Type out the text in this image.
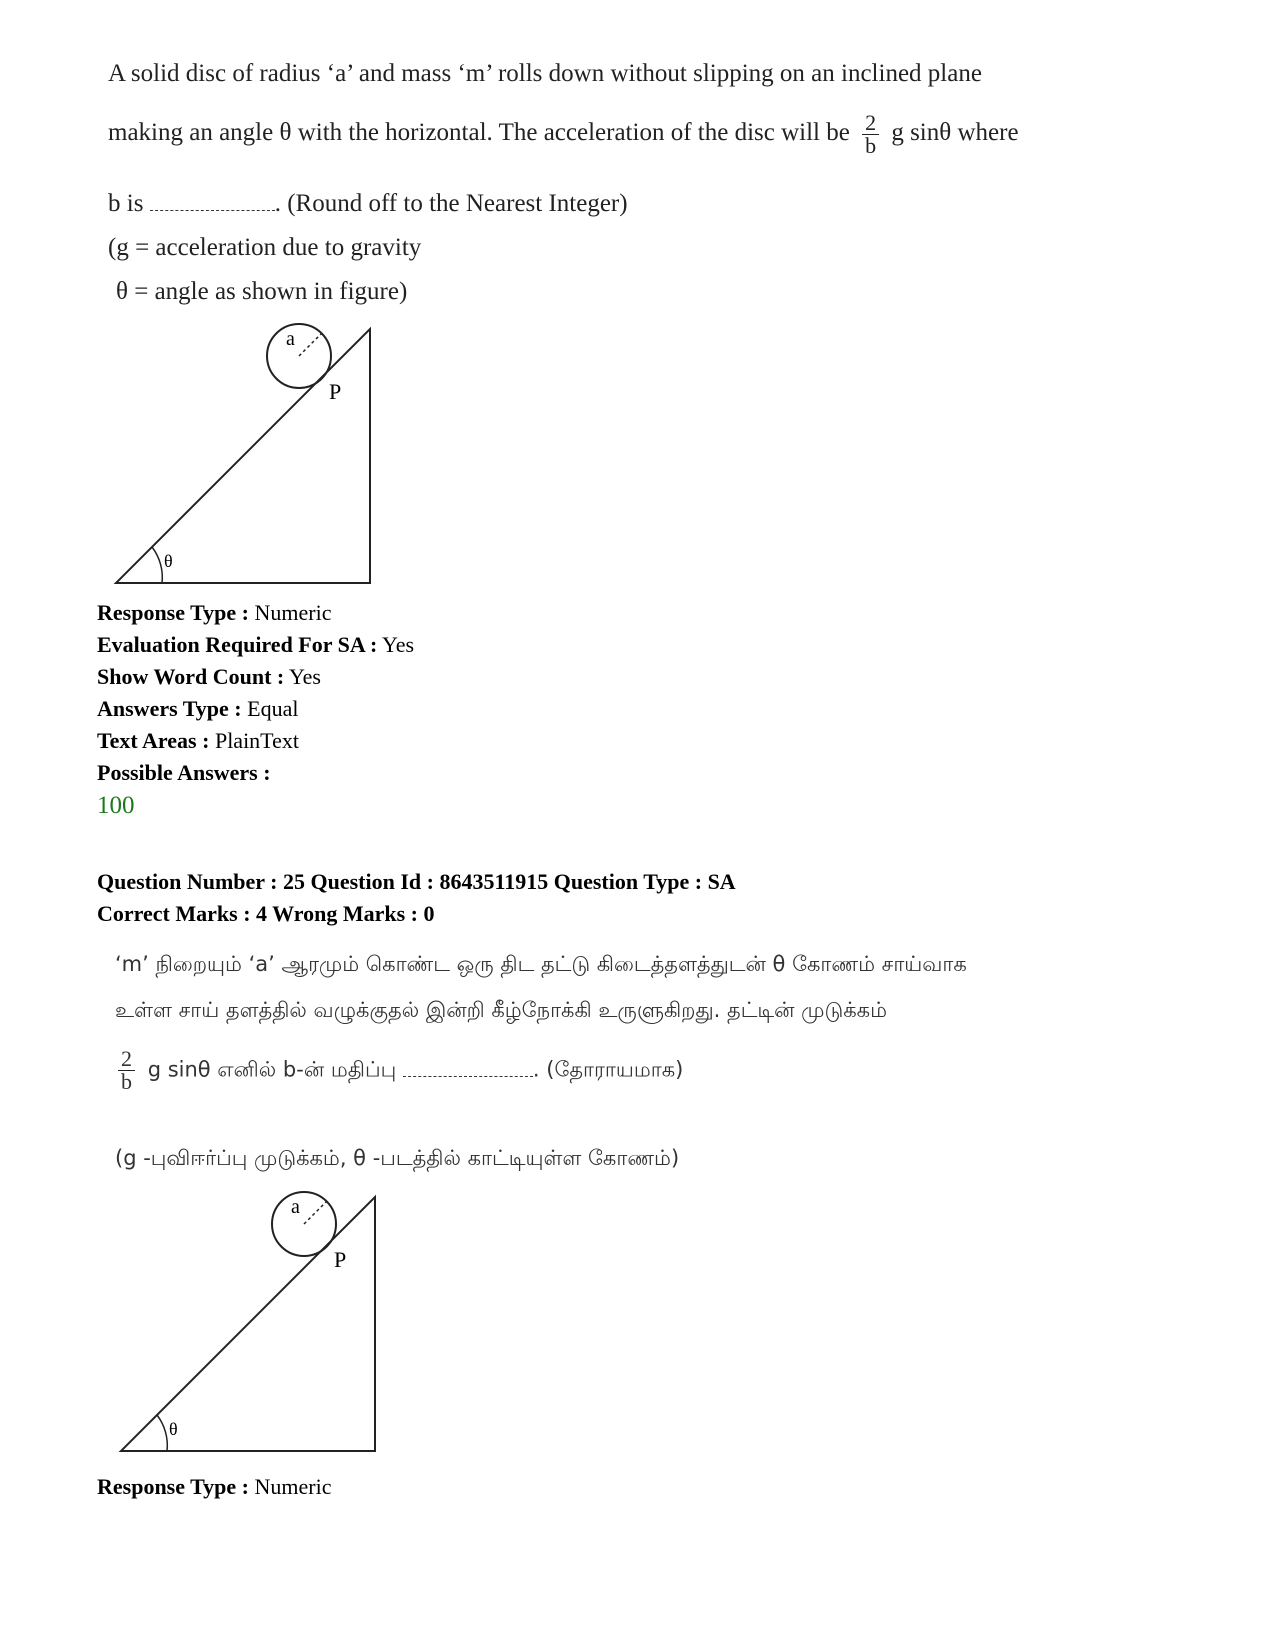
A solid disc of radius ‘a’ and mass ‘m’ rolls down without slipping on an inclined plane
making an angle θ with the horizontal. The acceleration of the disc will be $\frac{2}{b}$ g sinθ where
b is	. (Round off to the Nearest Integer)
(g = acceleration due to gravity
θ = angle as shown in figure)
a
P
θ
Response Type : Numeric
Evaluation Required For SA : Yes
Show Word Count : Yes
Answers Type : Equal
Text Areas : PlainText
Possible Answers :
100
Question Number : 25 Question Id : 8643511915 Question Type : SA
Correct Marks : 4 Wrong Marks : 0
‘m’ நிறையும் ‘a’ ஆரமும் கொண்ட ஒரு திட தட்டு கிடைத்தளத்துடன் θ கோணம் சாய்வாக
உள்ள சாய் தளத்தில் வழுக்குதல் இன்றி கீழ்நோக்கி உருளுகிறது. தட்டின் முடுக்கம்
$\frac{2}{b}$ g sinθ எனில் b-ன் மதிப்பு	. (தோராயமாக)
(g -புவிஈர்ப்பு முடுக்கம், θ -படத்தில் காட்டியுள்ள கோணம்)
a
P
θ
Response Type : Numeric
